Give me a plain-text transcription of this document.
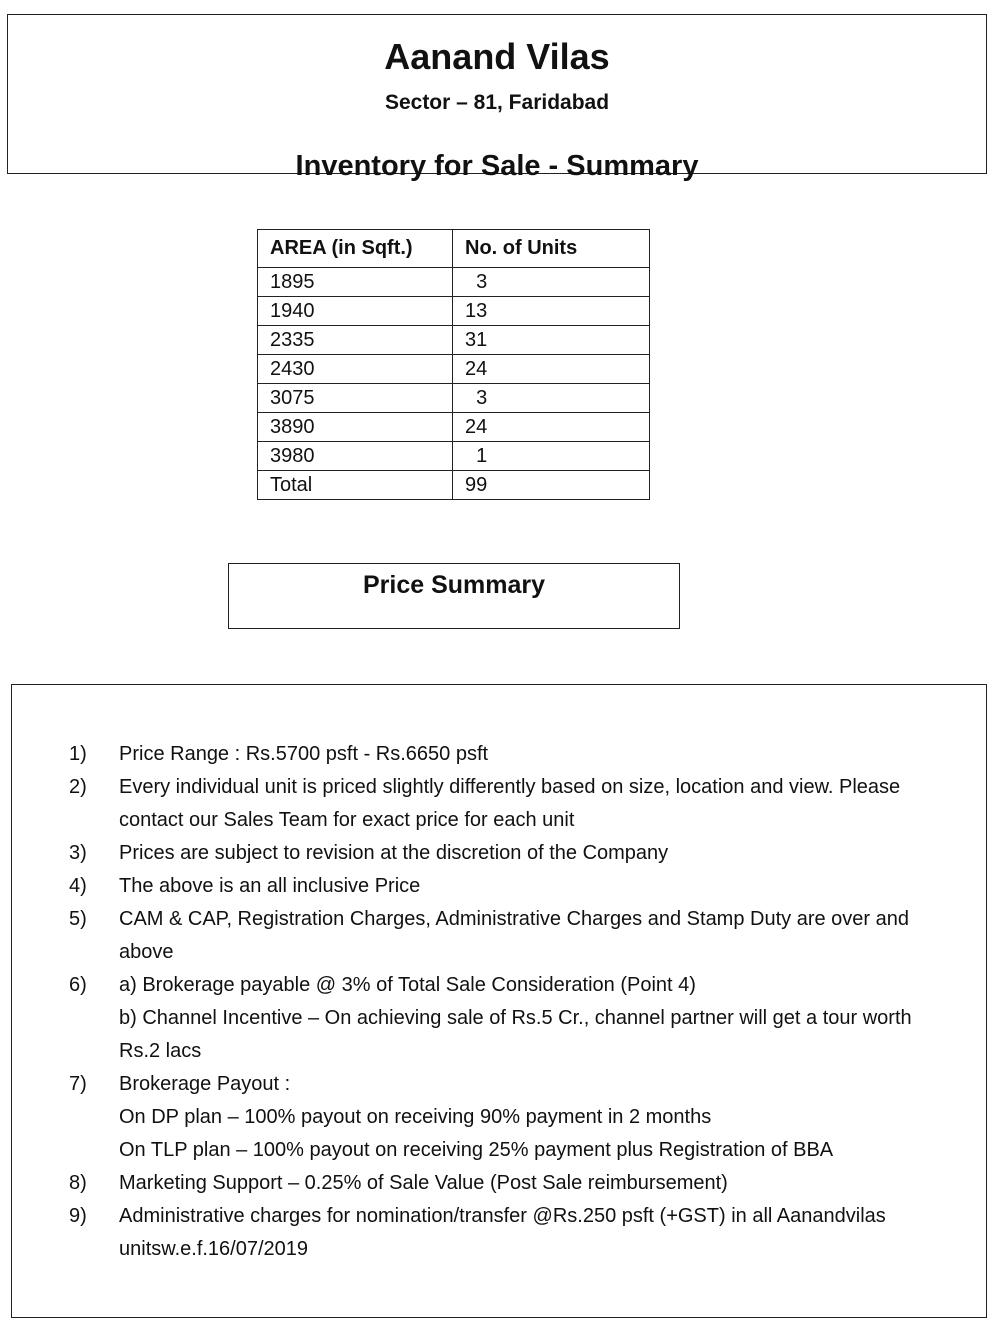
Aanand Vilas
Sector – 81, Faridabad
Inventory for Sale - Summary
AREA (in Sqft.)	No. of Units
1895	3
1940	13
2335	31
2430	24
3075	3
3890	24
3980	1
Total	99
Price Summary
1) Price Range : Rs.5700 psft - Rs.6650 psft
2) Every individual unit is priced slightly differently based on size, location and view. Please
contact our Sales Team for exact price for each unit
3) Prices are subject to revision at the discretion of the Company
4) The above is an all inclusive Price
5) CAM & CAP, Registration Charges, Administrative Charges and Stamp Duty are over and
above
6) a) Brokerage payable @ 3% of Total Sale Consideration (Point 4)
b) Channel Incentive – On achieving sale of Rs.5 Cr., channel partner will get a tour worth
Rs.2 lacs
7) Brokerage Payout :
On DP plan – 100% payout on receiving 90% payment in 2 months
On TLP plan – 100% payout on receiving 25% payment plus Registration of BBA
8) Marketing Support – 0.25% of Sale Value (Post Sale reimbursement)
9) Administrative charges for nomination/transfer @Rs.250 psft (+GST) in all Aanandvilas
unitsw.e.f.16/07/2019
